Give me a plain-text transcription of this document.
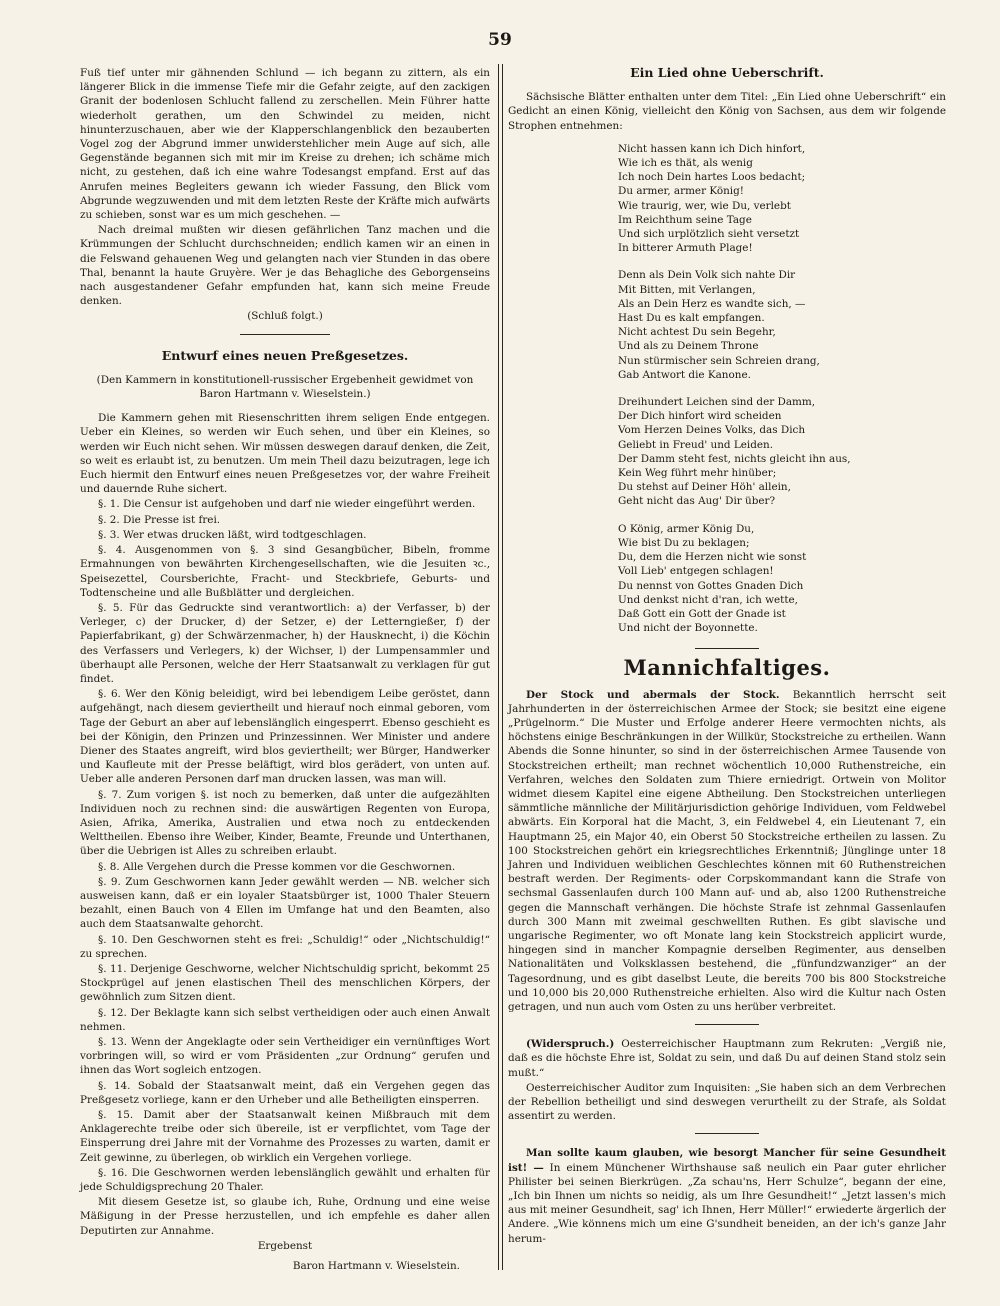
59

Fuß tief unter mir gähnenden Schlund — ich begann zu zittern, als ein längerer Blick in die immense Tiefe mir die Gefahr zeigte, auf den zackigen Granit der bodenlosen Schlucht fallend zu zerschellen. Mein Führer hatte wiederholt gerathen, um den Schwindel zu meiden, nicht hinunterzuschauen, aber wie der Klapperschlangenblick den bezauberten Vogel zog der Abgrund immer unwiderstehlicher mein Auge auf sich, alle Gegenstände begannen sich mit mir im Kreise zu drehen; ich schäme mich nicht, zu gestehen, daß ich eine wahre Todesangst empfand. Erst auf das Anrufen meines Begleiters gewann ich wieder Fassung, den Blick vom Abgrunde wegzuwenden und mit dem letzten Reste der Kräfte mich aufwärts zu schieben, sonst war es um mich geschehen. —

Nach dreimal mußten wir diesen gefährlichen Tanz machen und die Krümmungen der Schlucht durchschneiden; endlich kamen wir an einen in die Felswand gehauenen Weg und gelangten nach vier Stunden in das obere Thal, benannt la haute Gruyère. Wer je das Behagliche des Geborgenseins nach ausgestandener Gefahr empfunden hat, kann sich meine Freude denken.

(Schluß folgt.)

Entwurf eines neuen Preßgesetzes.
(Den Kammern in konstitutionell-russischer Ergebenheit gewidmet von Baron Hartmann v. Wieselstein.)

Die Kammern gehen mit Riesenschritten ihrem seligen Ende entgegen. Ueber ein Kleines, so werden wir Euch sehen, und über ein Kleines, so werden wir Euch nicht sehen. Wir müssen deswegen darauf denken, die Zeit, so weit es erlaubt ist, zu benutzen. Um mein Theil dazu beizutragen, lege ich Euch hiermit den Entwurf eines neuen Preßgesetzes vor, der wahre Freiheit und dauernde Ruhe sichert.

§. 1. Die Censur ist aufgehoben und darf nie wieder eingeführt werden.

§. 2. Die Presse ist frei.

§. 3. Wer etwas drucken läßt, wird todtgeschlagen.

§. 4. Ausgenommen von §. 3 sind Gesangbücher, Bibeln, fromme Ermahnungen von bewährten Kirchengesellschaften, wie die Jesuiten ꝛc., Speisezettel, Coursberichte, Fracht- und Steckbriefe, Geburts- und Todtenscheine und alle Bußblätter und dergleichen.

§. 5. Für das Gedruckte sind verantwortlich: a) der Verfasser, b) der Verleger, c) der Drucker, d) der Setzer, e) der Letterngießer, f) der Papierfabrikant, g) der Schwärzenmacher, h) der Hausknecht, i) die Köchin des Verfassers und Verlegers, k) der Wichser, l) der Lumpensammler und überhaupt alle Personen, welche der Herr Staatsanwalt zu verklagen für gut findet.

§. 6. Wer den König beleidigt, wird bei lebendigem Leibe geröstet, dann aufgehängt, nach diesem geviertheilt und hierauf noch einmal geboren, vom Tage der Geburt an aber auf lebenslänglich eingesperrt. Ebenso geschieht es bei der Königin, den Prinzen und Prinzessinnen. Wer Minister und andere Diener des Staates angreift, wird blos geviertheilt; wer Bürger, Handwerker und Kaufleute mit der Presse beläftigt, wird blos gerädert, von unten auf. Ueber alle anderen Personen darf man drucken lassen, was man will.

§. 7. Zum vorigen §. ist noch zu bemerken, daß unter die aufgezählten Individuen noch zu rechnen sind: die auswärtigen Regenten von Europa, Asien, Afrika, Amerika, Australien und etwa noch zu entdeckenden Welttheilen. Ebenso ihre Weiber, Kinder, Beamte, Freunde und Unterthanen, über die Uebrigen ist Alles zu schreiben erlaubt.

§. 8. Alle Vergehen durch die Presse kommen vor die Geschwornen.

§. 9. Zum Geschwornen kann Jeder gewählt werden — NB. welcher sich ausweisen kann, daß er ein loyaler Staatsbürger ist, 1000 Thaler Steuern bezahlt, einen Bauch von 4 Ellen im Umfange hat und den Beamten, also auch dem Staatsanwalte gehorcht.

§. 10. Den Geschwornen steht es frei: „Schuldig!“ oder „Nichtschuldig!“ zu sprechen.

§. 11. Derjenige Geschworne, welcher Nichtschuldig spricht, bekommt 25 Stockprügel auf jenen elastischen Theil des menschlichen Körpers, der gewöhnlich zum Sitzen dient.

§. 12. Der Beklagte kann sich selbst vertheidigen oder auch einen Anwalt nehmen.

§. 13. Wenn der Angeklagte oder sein Vertheidiger ein vernünftiges Wort vorbringen will, so wird er vom Präsidenten „zur Ordnung“ gerufen und ihnen das Wort sogleich entzogen.

§. 14. Sobald der Staatsanwalt meint, daß ein Vergehen gegen das Preßgesetz vorliege, kann er den Urheber und alle Betheiligten einsperren.

§. 15. Damit aber der Staatsanwalt keinen Mißbrauch mit dem Anklagerechte treibe oder sich übereile, ist er verpflichtet, vom Tage der Einsperrung drei Jahre mit der Vornahme des Prozesses zu warten, damit er Zeit gewinne, zu überlegen, ob wirklich ein Vergehen vorliege.

§. 16. Die Geschwornen werden lebenslänglich gewählt und erhalten für jede Schuldigsprechung 20 Thaler.

Mit diesem Gesetze ist, so glaube ich, Ruhe, Ordnung und eine weise Mäßigung in der Presse herzustellen, und ich empfehle es daher allen Deputirten zur Annahme.

Ergebenst

Baron Hartmann v. Wieselstein.

Ein Lied ohne Ueberschrift.

Sächsische Blätter enthalten unter dem Titel: „Ein Lied ohne Ueberschrift“ ein Gedicht an einen König, vielleicht den König von Sachsen, aus dem wir folgende Strophen entnehmen:

Nicht hassen kann ich Dich hinfort,
Wie ich es thät, als wenig
Ich noch Dein hartes Loos bedacht;
Du armer, armer König!
Wie traurig, wer, wie Du, verlebt
Im Reichthum seine Tage
Und sich urplötzlich sieht versetzt
In bitterer Armuth Plage!
Denn als Dein Volk sich nahte Dir
Mit Bitten, mit Verlangen,
Als an Dein Herz es wandte sich, —
Hast Du es kalt empfangen.
Nicht achtest Du sein Begehr,
Und als zu Deinem Throne
Nun stürmischer sein Schreien drang,
Gab Antwort die Kanone.
Dreihundert Leichen sind der Damm,
Der Dich hinfort wird scheiden
Vom Herzen Deines Volks, das Dich
Geliebt in Freud' und Leiden.
Der Damm steht fest, nichts gleicht ihn aus,
Kein Weg führt mehr hinüber;
Du stehst auf Deiner Höh' allein,
Geht nicht das Aug' Dir über?
O König, armer König Du,
Wie bist Du zu beklagen;
Du, dem die Herzen nicht wie sonst
Voll Lieb' entgegen schlagen!
Du nennst von Gottes Gnaden Dich
Und denkst nicht d'ran, ich wette,
Daß Gott ein Gott der Gnade ist
Und nicht der Boyonnette.
Mannichfaltiges.

Der Stock und abermals der Stock. Bekanntlich herrscht seit Jahrhunderten in der österreichischen Armee der Stock; sie besitzt eine eigene „Prügelnorm.“ Die Muster und Erfolge anderer Heere vermochten nichts, als höchstens einige Beschränkungen in der Willkür, Stockstreiche zu ertheilen. Wann Abends die Sonne hinunter, so sind in der österreichischen Armee Tausende von Stockstreichen ertheilt; man rechnet wöchentlich 10,000 Ruthenstreiche, ein Verfahren, welches den Soldaten zum Thiere erniedrigt. Ortwein von Molitor widmet diesem Kapitel eine eigene Abtheilung. Den Stockstreichen unterliegen sämmtliche männliche der Militärjurisdiction gehörige Individuen, vom Feldwebel abwärts. Ein Korporal hat die Macht, 3, ein Feldwebel 4, ein Lieutenant 7, ein Hauptmann 25, ein Major 40, ein Oberst 50 Stockstreiche ertheilen zu lassen. Zu 100 Stockstreichen gehört ein kriegsrechtliches Erkenntniß; Jünglinge unter 18 Jahren und Individuen weiblichen Geschlechtes können mit 60 Ruthenstreichen bestraft werden. Der Regiments- oder Corpskommandant kann die Strafe von sechsmal Gassenlaufen durch 100 Mann auf- und ab, also 1200 Ruthenstreiche gegen die Mannschaft verhängen. Die höchste Strafe ist zehnmal Gassenlaufen durch 300 Mann mit zweimal geschwellten Ruthen. Es gibt slavische und ungarische Regimenter, wo oft Monate lang kein Stockstreich applicirt wurde, hingegen sind in mancher Kompagnie derselben Regimenter, aus denselben Nationalitäten und Volksklassen bestehend, die „fünfundzwanziger“ an der Tagesordnung, und es gibt daselbst Leute, die bereits 700 bis 800 Stockstreiche und 10,000 bis 20,000 Ruthenstreiche erhielten. Also wird die Kultur nach Osten getragen, und nun auch vom Osten zu uns herüber verbreitet.

(Widerspruch.) Oesterreichischer Hauptmann zum Rekruten: „Vergiß nie, daß es die höchste Ehre ist, Soldat zu sein, und daß Du auf deinen Stand stolz sein mußt.“

Oesterreichischer Auditor zum Inquisiten: „Sie haben sich an dem Verbrechen der Rebellion betheiligt und sind deswegen verurtheilt zu der Strafe, als Soldat assentirt zu werden.

Man sollte kaum glauben, wie besorgt Mancher für seine Gesundheit ist! — In einem Münchener Wirthshause saß neulich ein Paar guter ehrlicher Philister bei seinen Bierkrügen. „Za schau'ns, Herr Schulze“, begann der eine, „Ich bin Ihnen um nichts so neidig, als um Ihre Gesundheit!“ „Jetzt lassen's mich aus mit meiner Gesundheit, sag' ich Ihnen, Herr Müller!“ erwiederte ärgerlich der Andere. „Wie könnens mich um eine G'sundheit beneiden, an der ich's ganze Jahr herum-
